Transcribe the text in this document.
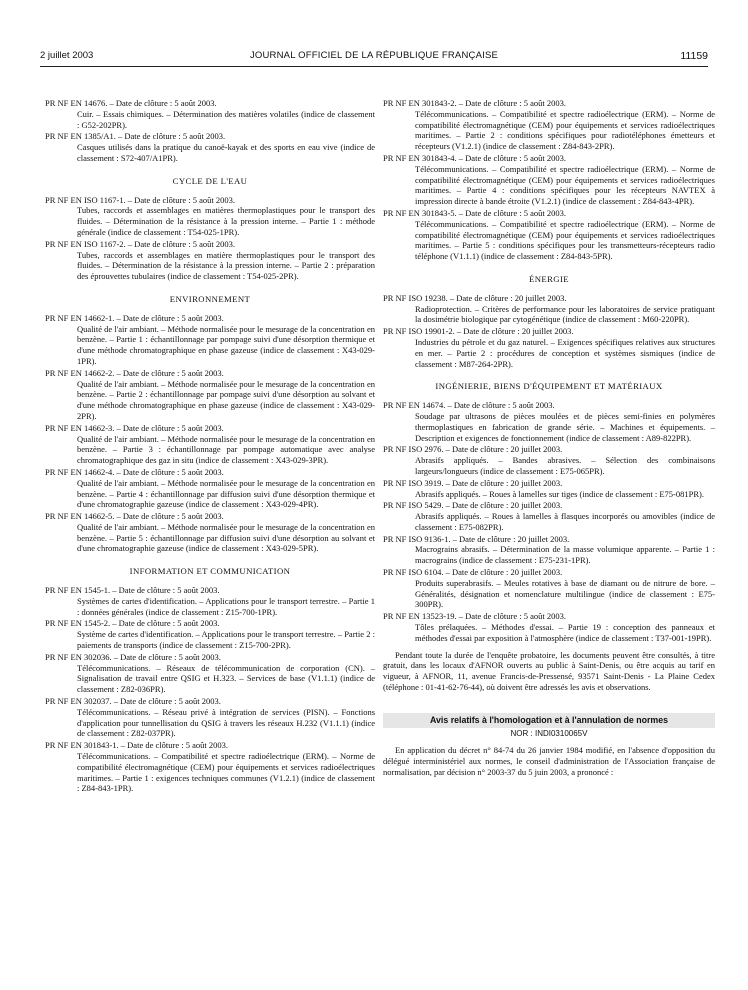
2 juillet 2003	JOURNAL OFFICIEL DE LA RÉPUBLIQUE FRANÇAISE	11159
PR NF EN 14676. – Date de clôture : 5 août 2003.
Cuir. – Essais chimiques. – Détermination des matières volatiles (indice de classement : G52-202PR).
PR NF EN 1385/A1. – Date de clôture : 5 août 2003.
Casques utilisés dans la pratique du canoë-kayak et des sports en eau vive (indice de classement : S72-407/A1PR).
CYCLE DE L'EAU
PR NF EN ISO 1167-1. – Date de clôture : 5 août 2003.
Tubes, raccords et assemblages en matières thermoplastiques pour le transport des fluides. – Détermination de la résistance à la pression interne. – Partie 1 : méthode générale (indice de classement : T54-025-1PR).
PR NF EN ISO 1167-2. – Date de clôture : 5 août 2003.
Tubes, raccords et assemblages en matière thermoplastiques pour le transport des fluides. – Détermination de la résistance à la pression interne. – Partie 2 : préparation des éprouvettes tubulaires (indice de classement : T54-025-2PR).
ENVIRONNEMENT
PR NF EN 14662-1. – Date de clôture : 5 août 2003.
Qualité de l'air ambiant. – Méthode normalisée pour le mesurage de la concentration en benzène. – Partie 1 : échantillonnage par pompage suivi d'une désorption thermique et d'une méthode chromatographique en phase gazeuse (indice de classement : X43-029-1PR).
PR NF EN 14662-2. – Date de clôture : 5 août 2003.
Qualité de l'air ambiant. – Méthode normalisée pour le mesurage de la concentration en benzène. – Partie 2 : échantillonnage par pompage suivi d'une désorption au solvant et d'une méthode chromatographique en phase gazeuse (indice de classement : X43-029-2PR).
PR NF EN 14662-3. – Date de clôture : 5 août 2003.
Qualité de l'air ambiant. – Méthode normalisée pour le mesurage de la concentration en benzène. – Partie 3 : échantillonnage par pompage automatique avec analyse chromatographique des gaz in situ (indice de classement : X43-029-3PR).
PR NF EN 14662-4. – Date de clôture : 5 août 2003.
Qualité de l'air ambiant. – Méthode normalisée pour le mesurage de la concentration en benzène. – Partie 4 : échantillonnage par diffusion suivi d'une désorption thermique et d'une chromatographie gazeuse (indice de classement : X43-029-4PR).
PR NF EN 14662-5. – Date de clôture : 5 août 2003.
Qualité de l'air ambiant. – Méthode normalisée pour le mesurage de la concentration en benzène. – Partie 5 : échantillonnage par diffusion suivi d'une désorption au solvant et d'une chromatographie gazeuse (indice de classement : X43-029-5PR).
INFORMATION ET COMMUNICATION
PR NF EN 1545-1. – Date de clôture : 5 août 2003.
Systèmes de cartes d'identification. – Applications pour le transport terrestre. – Partie 1 : données générales (indice de classement : Z15-700-1PR).
PR NF EN 1545-2. – Date de clôture : 5 août 2003.
Système de cartes d'identification. – Applications pour le transport terrestre. – Partie 2 : paiements de transports (indice de classement : Z15-700-2PR).
PR NF EN 302036. – Date de clôture : 5 août 2003.
Télécommunications. – Réseaux de télécommunication de corporation (CN). – Signalisation de travail entre QSIG et H.323. – Services de base (V1.1.1) (indice de classement : Z82-036PR).
PR NF EN 302037. – Date de clôture : 5 août 2003.
Télécommunications. – Réseau privé à intégration de services (PISN). – Fonctions d'application pour tunnellisation du QSIG à travers les réseaux H.232 (V1.1.1) (indice de classement : Z82-037PR).
PR NF EN 301843-1. – Date de clôture : 5 août 2003.
Télécommunications. – Compatibilité et spectre radioélectrique (ERM). – Norme de compatibilité électromagnétique (CEM) pour équipements et services radioélectriques maritimes. – Partie 1 : exigences techniques communes (V1.2.1) (indice de classement : Z84-843-1PR).
PR NF EN 301843-2. – Date de clôture : 5 août 2003.
Télécommunications. – Compatibilité et spectre radioélectrique (ERM). – Norme de compatibilité électromagnétique (CEM) pour équipements et services radioélectriques maritimes. – Partie 2 : conditions spécifiques pour radiotéléphones émetteurs et récepteurs (V1.2.1) (indice de classement : Z84-843-2PR).
PR NF EN 301843-4. – Date de clôture : 5 août 2003.
Télécommunications. – Compatibilité et spectre radioélectrique (ERM). – Norme de compatibilité électromagnétique (CEM) pour équipements et services radioélectriques maritimes. – Partie 4 : conditions spécifiques pour les récepteurs NAVTEX à impression directe à bande étroite (V1.2.1) (indice de classement : Z84-843-4PR).
PR NF EN 301843-5. – Date de clôture : 5 août 2003.
Télécommunications. – Compatibilité et spectre radioélectrique (ERM). – Norme de compatibilité électromagnétique (CEM) pour équipements et services radioélectriques maritimes. – Partie 5 : conditions spécifiques pour les transmetteurs-récepteurs radio téléphone (V1.1.1) (indice de classement : Z84-843-5PR).
ÉNERGIE
PR NF ISO 19238. – Date de clôture : 20 juillet 2003.
Radioprotection. – Critères de performance pour les laboratoires de service pratiquant la dosimétrie biologique par cytogénétique (indice de classement : M60-220PR).
PR NF ISO 19901-2. – Date de clôture : 20 juillet 2003.
Industries du pétrole et du gaz naturel. – Exigences spécifiques relatives aux structures en mer. – Partie 2 : procédures de conception et systèmes sismiques (indice de classement : M87-264-2PR).
INGÉNIERIE, BIENS D'ÉQUIPEMENT ET MATÉRIAUX
PR NF EN 14674. – Date de clôture : 5 août 2003.
Soudage par ultrasons de pièces moulées et de pièces semi-finies en polymères thermoplastiques en fabrication de grande série. – Machines et équipements. – Description et exigences de fonctionnement (indice de classement : A89-822PR).
PR NF ISO 2976. – Date de clôture : 20 juillet 2003.
Abrasifs appliqués. – Bandes abrasives. – Sélection des combinaisons largeurs/longueurs (indice de classement : E75-065PR).
PR NF ISO 3919. – Date de clôture : 20 juillet 2003.
Abrasifs appliqués. – Roues à lamelles sur tiges (indice de classement : E75-081PR).
PR NF ISO 5429. – Date de clôture : 20 juillet 2003.
Abrasifs appliqués. – Roues à lamelles à flasques incorporés ou amovibles (indice de classement : E75-082PR).
PR NF ISO 9136-1. – Date de clôture : 20 juillet 2003.
Macrograins abrasifs. – Détermination de la masse volumique apparente. – Partie 1 : macrograins (indice de classement : E75-231-1PR).
PR NF ISO 6104. – Date de clôture : 20 juillet 2003.
Produits superabrasifs. – Meules rotatives à base de diamant ou de nitrure de bore. – Généralités, désignation et nomenclature multilingue (indice de classement : E75-300PR).
PR NF EN 13523-19. – Date de clôture : 5 août 2003.
Tôles prélaquées. – Méthodes d'essai. – Partie 19 : conception des panneaux et méthodes d'essai par exposition à l'atmosphère (indice de classement : T37-001-19PR).
Pendant toute la durée de l'enquête probatoire, les documents peuvent être consultés, à titre gratuit, dans les locaux d'AFNOR ouverts au public à Saint-Denis, ou être acquis au tarif en vigueur, à AFNOR, 11, avenue Francis-de-Pressensé, 93571 Saint-Denis - La Plaine Cedex (téléphone : 01-41-62-76-44), où doivent être adressés les avis et observations.
Avis relatifs à l'homologation et à l'annulation de normes
NOR : INDI0310065V
En application du décret n° 84-74 du 26 janvier 1984 modifié, en l'absence d'opposition du délégué interministériel aux normes, le conseil d'administration de l'Association française de normalisation, par décision n° 2003-37 du 5 juin 2003, a prononcé :
